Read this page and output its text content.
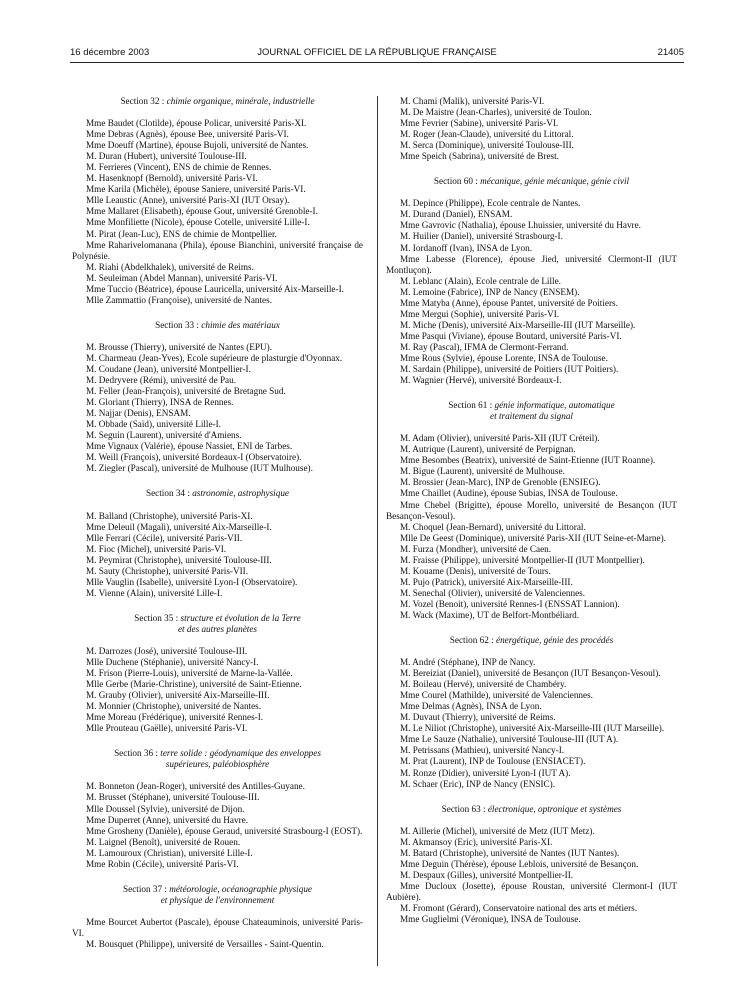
16 décembre 2003	JOURNAL OFFICIEL DE LA RÉPUBLIQUE FRANÇAISE	21405
Section 32 : chimie organique, minérale, industrielle

Mme Baudet (Clotilde), épouse Policar, université Paris-XI.

Mme Debras (Agnès), épouse Bee, université Paris-VI.

Mme Doeuff (Martine), épouse Bujoli, université de Nantes.

M. Duran (Hubert), université Toulouse-III.

M. Ferrieres (Vincent), ENS de chimie de Rennes.

M. Hasenknopf (Bernold), université Paris-VI.

Mme Karila (Michèle), épouse Saniere, université Paris-VI.

Mlle Leaustic (Anne), université Paris-XI (IUT Orsay).

Mme Mallaret (Elisabeth), épouse Gout, université Grenoble-I.

Mme Monfiliette (Nicole), épouse Cotelle, université Lille-I.

M. Pirat (Jean-Luc), ENS de chimie de Montpellier.

Mme Raharivelomanana (Phila), épouse Bianchini, université française de Polynésie.

M. Riahi (Abdelkhalek), université de Reims.

M. Seuleiman (Abdel Mannan), université Paris-VI.

Mme Tuccio (Béatrice), épouse Lauricella, université Aix-Marseille-I.

Mlle Zammattio (Françoise), université de Nantes.

Section 33 : chimie des matériaux

M. Brousse (Thierry), université de Nantes (EPU).

M. Charmeau (Jean-Yves), Ecole supérieure de plasturgie d'Oyonnax.

M. Coudane (Jean), université Montpellier-I.

M. Dedryvere (Rémi), université de Pau.

M. Feller (Jean-François), université de Bretagne Sud.

M. Gloriant (Thierry), INSA de Rennes.

M. Najjar (Denis), ENSAM.

M. Obbade (Saïd), université Lille-I.

M. Seguin (Laurent), université d'Amiens.

Mme Vignaux (Valérie), épouse Nassiet, ENI de Tarbes.

M. Weill (François), université Bordeaux-I (Observatoire).

M. Ziegler (Pascal), université de Mulhouse (IUT Mulhouse).

Section 34 : astronomie, astrophysique

M. Balland (Christophe), université Paris-XI.

Mme Deleuil (Magali), université Aix-Marseille-I.

Mlle Ferrari (Cécile), université Paris-VII.

M. Fioc (Michel), université Paris-VI.

M. Peymirat (Christophe), université Toulouse-III.

M. Sauty (Christophe), université Paris-VII.

Mlle Vauglin (Isabelle), université Lyon-I (Observatoire).

M. Vienne (Alain), université Lille-I.

Section 35 : structure et évolution de la Terre
et des autres planètes

M. Darrozes (José), université Toulouse-III.

Mlle Duchene (Stéphanie), université Nancy-I.

M. Frison (Pierre-Louis), université de Marne-la-Vallée.

Mlle Gerbe (Marie-Christine), université de Saint-Etienne.

M. Grauby (Olivier), université Aix-Marseille-III.

M. Monnier (Christophe), université de Nantes.

Mme Moreau (Frédérique), université Rennes-I.

Mlle Prouteau (Gaëlle), université Paris-VI.

Section 36 : terre solide : géodynamique des enveloppes
supérieures, paléobiosphère

M. Bonneton (Jean-Roger), université des Antilles-Guyane.

M. Brusset (Stéphane), université Toulouse-III.

Mlle Doussel (Sylvie), université de Dijon.

Mme Duperret (Anne), université du Havre.

Mme Grosheny (Danièle), épouse Geraud, université Strasbourg-I (EOST).

M. Laignel (Benoît), université de Rouen.

M. Lamouroux (Christian), université Lille-I.

Mme Robin (Cécile), université Paris-VI.

Section 37 : météorologie, océanographie physique
et physique de l'environnement

Mme Bourcet Aubertot (Pascale), épouse Chateauminois, université Paris-VI.

M. Bousquet (Philippe), université de Versailles - Saint-Quentin.

M. Chami (Malik), université Paris-VI.

M. De Maistre (Jean-Charles), université de Toulon.

Mme Fevrier (Sabine), université Paris-VI.

M. Roger (Jean-Claude), université du Littoral.

M. Serca (Dominique), université Toulouse-III.

Mme Speich (Sabrina), université de Brest.

Section 60 : mécanique, génie mécanique, génie civil

M. Depince (Philippe), Ecole centrale de Nantes.

M. Durand (Daniel), ENSAM.

Mme Gavrovic (Nathalia), épouse Lhuissier, université du Havre.

M. Huilier (Daniel), université Strasbourg-I.

M. Iordanoff (Ivan), INSA de Lyon.

Mme Labesse (Florence), épouse Jied, université Clermont-II (IUT Montluçon).

M. Leblanc (Alain), Ecole centrale de Lille.

M. Lemoine (Fabrice), INP de Nancy (ENSEM).

Mme Matyba (Anne), épouse Pantet, université de Poitiers.

Mme Mergui (Sophie), université Paris-VI.

M. Miche (Denis), université Aix-Marseille-III (IUT Marseille).

Mme Pasqui (Viviane), épouse Boutard, université Paris-VI.

M. Ray (Pascal), IFMA de Clermont-Ferrand.

Mme Rous (Sylvie), épouse Lorente, INSA de Toulouse.

M. Sardain (Philippe), université de Poitiers (IUT Poitiers).

M. Wagnier (Hervé), université Bordeaux-I.

Section 61 : génie informatique, automatique
et traitement du signal

M. Adam (Olivier), université Paris-XII (IUT Créteil).

M. Autrique (Laurent), université de Perpignan.

Mme Besombes (Beatrix), université de Saint-Etienne (IUT Roanne).

M. Bigue (Laurent), université de Mulhouse.

M. Brossier (Jean-Marc), INP de Grenoble (ENSIEG).

Mme Chaillet (Audine), épouse Subias, INSA de Toulouse.

Mme Chebel (Brigitte), épouse Morello, université de Besançon (IUT Besançon-Vesoul).

M. Choquel (Jean-Bernard), université du Littoral.

Mlle De Geest (Dominique), université Paris-XII (IUT Seine-et-Marne).

M. Furza (Mondher), université de Caen.

M. Fraisse (Philippe), université Montpellier-II (IUT Montpellier).

M. Kouame (Denis), université de Tours.

M. Pujo (Patrick), université Aix-Marseille-III.

M. Senechal (Olivier), université de Valenciennes.

M. Vozel (Benoit), université Rennes-I (ENSSAT Lannion).

M. Wack (Maxime), UT de Belfort-Montbéliard.

Section 62 : énergétique, génie des procédés

M. André (Stéphane), INP de Nancy.

M. Bereiziat (Daniel), université de Besançon (IUT Besançon-Vesoul).

M. Boileau (Hervé), université de Chambéry.

Mme Courel (Mathilde), université de Valenciennes.

Mme Delmas (Agnès), INSA de Lyon.

M. Duvaut (Thierry), université de Reims.

M. Le Niliot (Christophe), université Aix-Marseille-III (IUT Marseille).

Mme Le Sauze (Nathalie), université Toulouse-III (IUT A).

M. Petrissans (Mathieu), université Nancy-I.

M. Prat (Laurent), INP de Toulouse (ENSIACET).

M. Ronze (Didier), université Lyon-I (IUT A).

M. Schaer (Eric), INP de Nancy (ENSIC).

Section 63 : électronique, optronique et systèmes

M. Aillerie (Michel), université de Metz (IUT Metz).

M. Akmansoy (Eric), université Paris-XI.

M. Batard (Christophe), université de Nantes (IUT Nantes).

Mme Deguin (Thérèse), épouse Leblois, université de Besançon.

M. Despaux (Gilles), université Montpellier-II.

Mme Ducloux (Josette), épouse Roustan, université Clermont-I (IUT Aubière).

M. Fromont (Gérard), Conservatoire national des arts et métiers.

Mme Guglielmi (Véronique), INSA de Toulouse.
